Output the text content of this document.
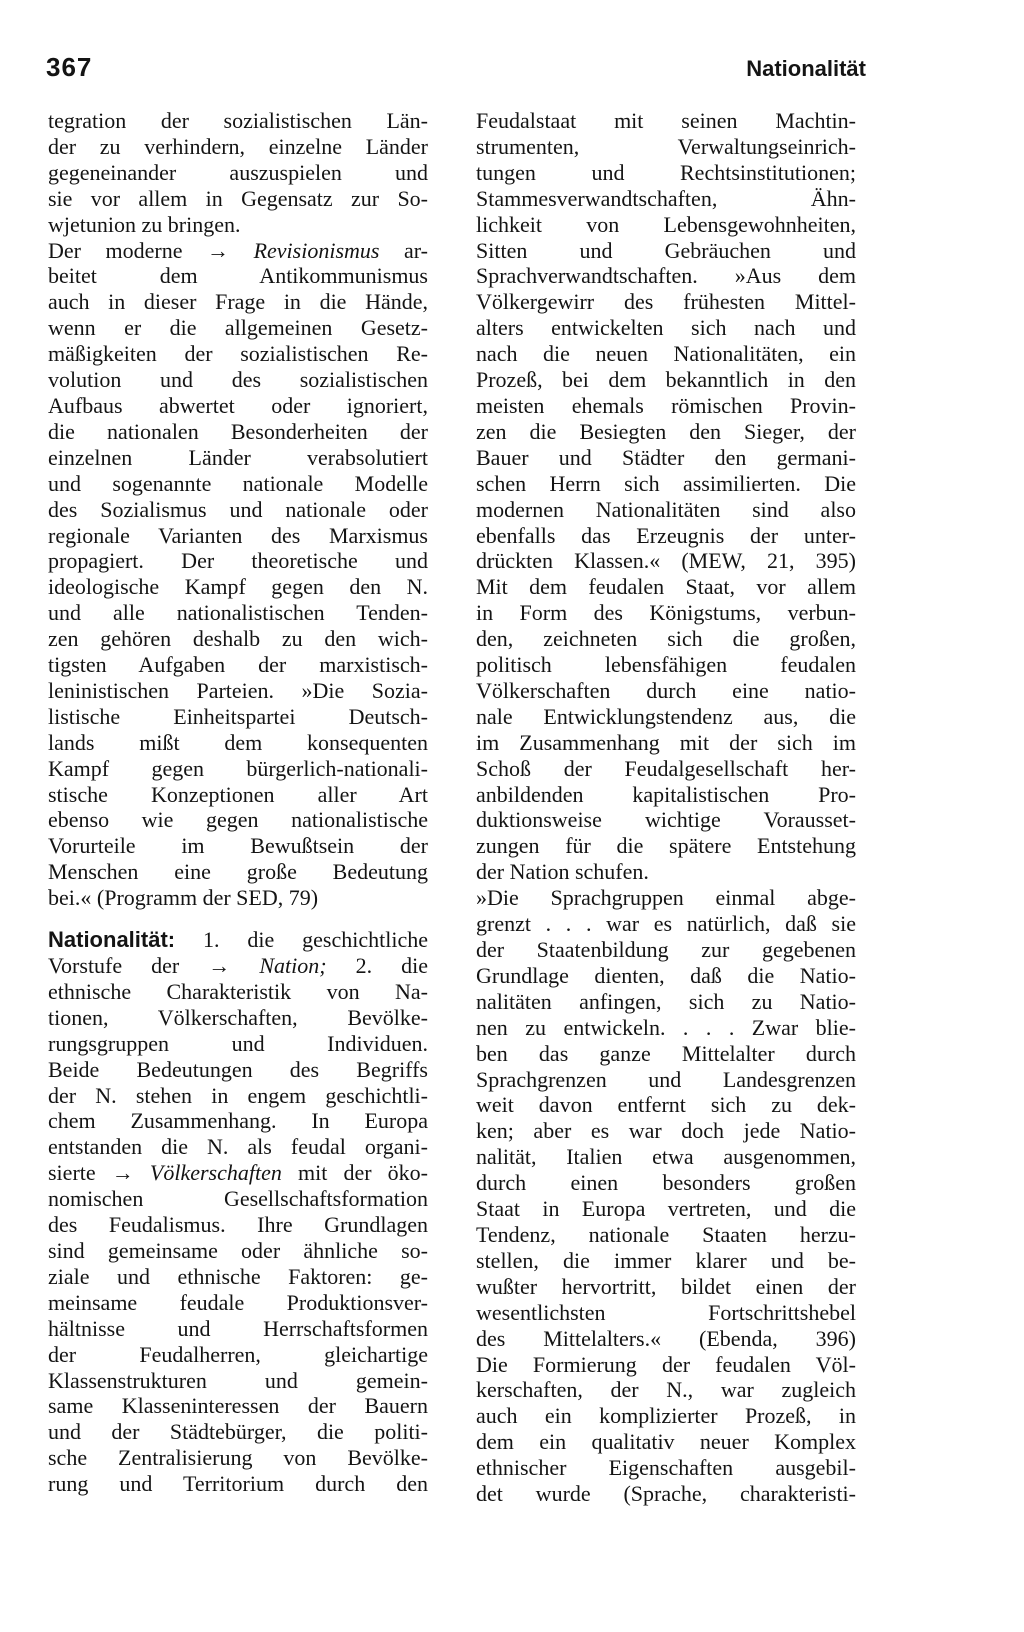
367	Nationalität
tegration der sozialistischen Län-
der zu verhindern, einzelne Länder
gegeneinander auszuspielen und
sie vor allem in Gegensatz zur So-
wjetunion zu bringen.
Der moderne → Revisionismus ar-
beitet dem Antikommunismus
auch in dieser Frage in die Hände,
wenn er die allgemeinen Gesetz-
mäßigkeiten der sozialistischen Re-
volution und des sozialistischen
Aufbaus abwertet oder ignoriert,
die nationalen Besonderheiten der
einzelnen Länder verabsolutiert
und sogenannte nationale Modelle
des Sozialismus und nationale oder
regionale Varianten des Marxismus
propagiert. Der theoretische und
ideologische Kampf gegen den N.
und alle nationalistischen Tenden-
zen gehören deshalb zu den wich-
tigsten Aufgaben der marxistisch-
leninistischen Parteien. »Die Sozia-
listische Einheitspartei Deutsch-
lands mißt dem konsequenten
Kampf gegen bürgerlich-nationali-
stische Konzeptionen aller Art
ebenso wie gegen nationalistische
Vorurteile im Bewußtsein der
Menschen eine große Bedeutung
bei.« (Programm der SED, 79)
Nationalität: 1. die geschichtliche
Vorstufe der → Nation; 2. die
ethnische Charakteristik von Na-
tionen, Völkerschaften, Bevölke-
rungsgruppen und Individuen.
Beide Bedeutungen des Begriffs
der N. stehen in engem geschichtli-
chem Zusammenhang. In Europa
entstanden die N. als feudal organi-
sierte → Völkerschaften mit der öko-
nomischen Gesellschaftsformation
des Feudalismus. Ihre Grundlagen
sind gemeinsame oder ähnliche so-
ziale und ethnische Faktoren: ge-
meinsame feudale Produktionsver-
hältnisse und Herrschaftsformen
der Feudalherren, gleichartige
Klassenstrukturen und gemein-
same Klasseninteressen der Bauern
und der Städtebürger, die politi-
sche Zentralisierung von Bevölke-
rung und Territorium durch den
Feudalstaat mit seinen Machtin-
strumenten, Verwaltungseinrich-
tungen und Rechtsinstitutionen;
Stammesverwandtschaften, Ähn-
lichkeit von Lebensgewohnheiten,
Sitten und Gebräuchen und
Sprachverwandtschaften. »Aus dem
Völkergewirr des frühesten Mittel-
alters entwickelten sich nach und
nach die neuen Nationalitäten, ein
Prozeß, bei dem bekanntlich in den
meisten ehemals römischen Provin-
zen die Besiegten den Sieger, der
Bauer und Städter den germani-
schen Herrn sich assimilierten. Die
modernen Nationalitäten sind also
ebenfalls das Erzeugnis der unter-
drückten Klassen.« (MEW, 21, 395)
Mit dem feudalen Staat, vor allem
in Form des Königstums, verbun-
den, zeichneten sich die großen,
politisch lebensfähigen feudalen
Völkerschaften durch eine natio-
nale Entwicklungstendenz aus, die
im Zusammenhang mit der sich im
Schoß der Feudalgesellschaft her-
anbildenden kapitalistischen Pro-
duktionsweise wichtige Vorausset-
zungen für die spätere Entstehung
der Nation schufen.
»Die Sprachgruppen einmal abge-
grenzt . . . war es natürlich, daß sie
der Staatenbildung zur gegebenen
Grundlage dienten, daß die Natio-
nalitäten anfingen, sich zu Natio-
nen zu entwickeln. . . . Zwar blie-
ben das ganze Mittelalter durch
Sprachgrenzen und Landesgrenzen
weit davon entfernt sich zu dek-
ken; aber es war doch jede Natio-
nalität, Italien etwa ausgenommen,
durch einen besonders großen
Staat in Europa vertreten, und die
Tendenz, nationale Staaten herzu-
stellen, die immer klarer und be-
wußter hervortritt, bildet einen der
wesentlichsten Fortschrittshebel
des Mittelalters.« (Ebenda, 396)
Die Formierung der feudalen Völ-
kerschaften, der N., war zugleich
auch ein komplizierter Prozeß, in
dem ein qualitativ neuer Komplex
ethnischer Eigenschaften ausgebil-
det wurde (Sprache, charakteristi-
